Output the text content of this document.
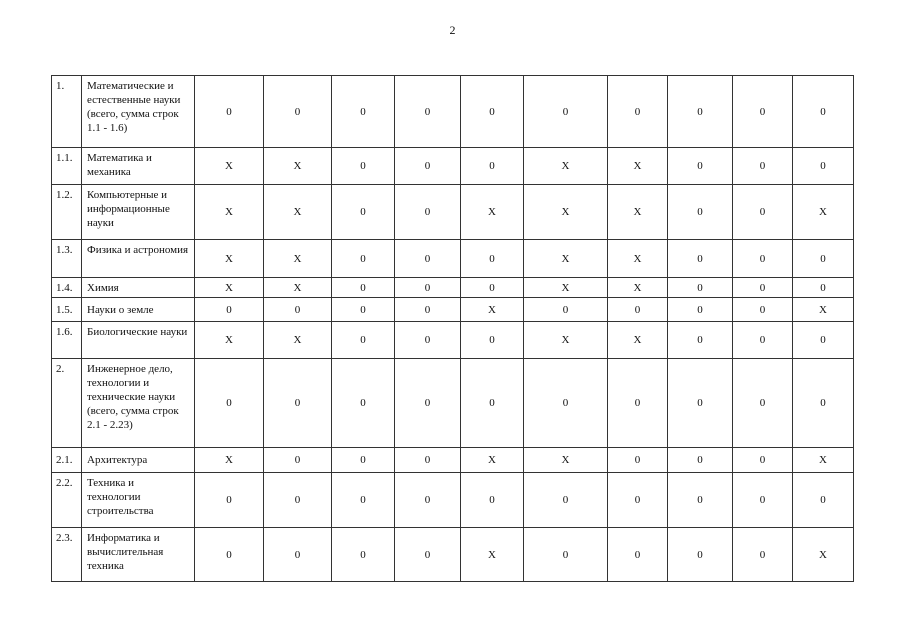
2
1.	Математические и естественные науки (всего, сумма строк 1.1 - 1.6)	0	0	0	0	0	0	0	0	0	0
1.1.	Математика и механика	X	X	0	0	0	X	X	0	0	0
1.2.	Компьютерные и информационные науки	X	X	0	0	X	X	X	0	0	X
1.3.	Физика и астрономия	X	X	0	0	0	X	X	0	0	0
1.4.	Химия	X	X	0	0	0	X	X	0	0	0
1.5.	Науки о земле	0	0	0	0	X	0	0	0	0	X
1.6.	Биологические науки	X	X	0	0	0	X	X	0	0	0
2.	Инженерное дело, технологии и технические науки (всего, сумма строк 2.1 - 2.23)	0	0	0	0	0	0	0	0	0	0
2.1.	Архитектура	X	0	0	0	X	X	0	0	0	X
2.2.	Техника и технологии строительства	0	0	0	0	0	0	0	0	0	0
2.3.	Информатика и вычислительная техника	0	0	0	0	X	0	0	0	0	X
